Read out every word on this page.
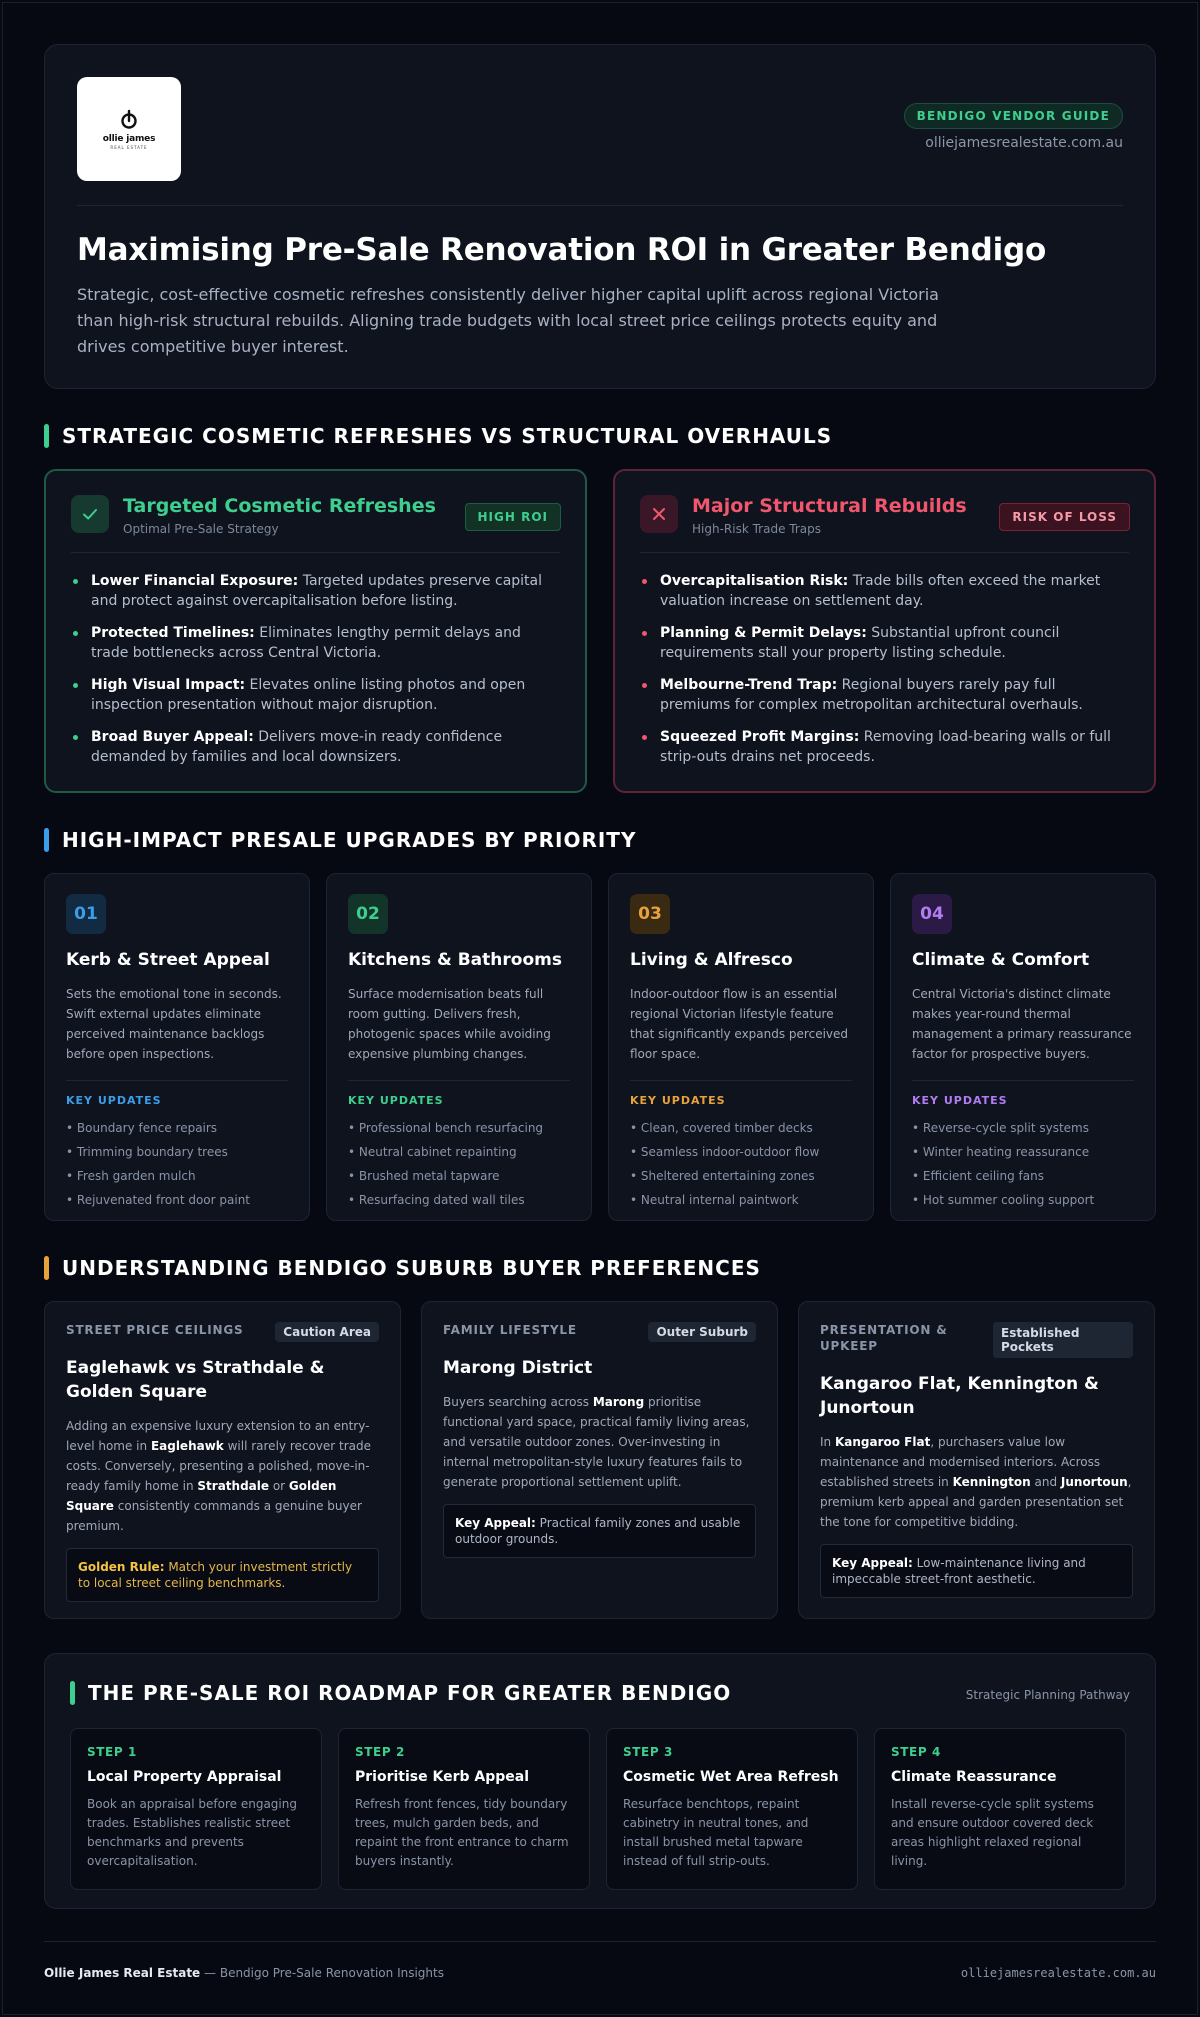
ollie james
REAL ESTATE
BENDIGO VENDOR GUIDE
olliejamesrealestate.com.au
Maximising Pre-Sale Renovation ROI in Greater Bendigo

Strategic, cost-effective cosmetic refreshes consistently deliver higher capital uplift across regional Victoria than high-risk structural rebuilds. Aligning trade budgets with local street price ceilings protects equity and drives competitive buyer interest.

STRATEGIC COSMETIC REFRESHES VS STRUCTURAL OVERHAULS
Targeted Cosmetic Refreshes
Optimal Pre-Sale Strategy
HIGH ROI
Lower Financial Exposure: Targeted updates preserve capital and protect against overcapitalisation before listing.
Protected Timelines: Eliminates lengthy permit delays and trade bottlenecks across Central Victoria.
High Visual Impact: Elevates online listing photos and open inspection presentation without major disruption.
Broad Buyer Appeal: Delivers move-in ready confidence demanded by families and local downsizers.
Major Structural Rebuilds
High-Risk Trade Traps
RISK OF LOSS
Overcapitalisation Risk: Trade bills often exceed the market valuation increase on settlement day.
Planning & Permit Delays: Substantial upfront council requirements stall your property listing schedule.
Melbourne-Trend Trap: Regional buyers rarely pay full premiums for complex metropolitan architectural overhauls.
Squeezed Profit Margins: Removing load-bearing walls or full strip-outs drains net proceeds.
HIGH-IMPACT PRESALE UPGRADES BY PRIORITY
01
Kerb & Street Appeal
Sets the emotional tone in seconds. Swift external updates eliminate perceived maintenance backlogs before open inspections.
KEY UPDATES
• Boundary fence repairs
• Trimming boundary trees
• Fresh garden mulch
• Rejuvenated front door paint
02
Kitchens & Bathrooms
Surface modernisation beats full room gutting. Delivers fresh, photogenic spaces while avoiding expensive plumbing changes.
KEY UPDATES
• Professional bench resurfacing
• Neutral cabinet repainting
• Brushed metal tapware
• Resurfacing dated wall tiles
03
Living & Alfresco
Indoor-outdoor flow is an essential regional Victorian lifestyle feature that significantly expands perceived floor space.
KEY UPDATES
• Clean, covered timber decks
• Seamless indoor-outdoor flow
• Sheltered entertaining zones
• Neutral internal paintwork
04
Climate & Comfort
Central Victoria's distinct climate makes year-round thermal management a primary reassurance factor for prospective buyers.
KEY UPDATES
• Reverse-cycle split systems
• Winter heating reassurance
• Efficient ceiling fans
• Hot summer cooling support
UNDERSTANDING BENDIGO SUBURB BUYER PREFERENCES
STREET PRICE CEILINGS	Caution Area
Eaglehawk vs Strathdale & Golden Square

Adding an expensive luxury extension to an entry-level home in Eaglehawk will rarely recover trade costs. Conversely, presenting a polished, move-in-ready family home in Strathdale or Golden Square consistently commands a genuine buyer premium.

Golden Rule: Match your investment strictly to local street ceiling benchmarks.
FAMILY LIFESTYLE	Outer Suburb
Marong District

Buyers searching across Marong prioritise functional yard space, practical family living areas, and versatile outdoor zones. Over-investing in internal metropolitan-style luxury features fails to generate proportional settlement uplift.

Key Appeal: Practical family zones and usable outdoor grounds.
PRESENTATION & UPKEEP
Established Pockets
Kangaroo Flat, Kennington & Junortoun

In Kangaroo Flat, purchasers value low maintenance and modernised interiors. Across established streets in Kennington and Junortoun, premium kerb appeal and garden presentation set the tone for competitive bidding.

Key Appeal: Low-maintenance living and impeccable street-front aesthetic.
THE PRE-SALE ROI ROADMAP FOR GREATER BENDIGO	Strategic Planning Pathway
STEP 1
Local Property Appraisal
Book an appraisal before engaging trades. Establishes realistic street benchmarks and prevents overcapitalisation.
STEP 2
Prioritise Kerb Appeal
Refresh front fences, tidy boundary trees, mulch garden beds, and repaint the front entrance to charm buyers instantly.
STEP 3
Cosmetic Wet Area Refresh
Resurface benchtops, repaint cabinetry in neutral tones, and install brushed metal tapware instead of full strip-outs.
STEP 4
Climate Reassurance
Install reverse-cycle split systems and ensure outdoor covered deck areas highlight relaxed regional living.
Ollie James Real Estate — Bendigo Pre-Sale Renovation Insights	olliejamesrealestate.com.au
